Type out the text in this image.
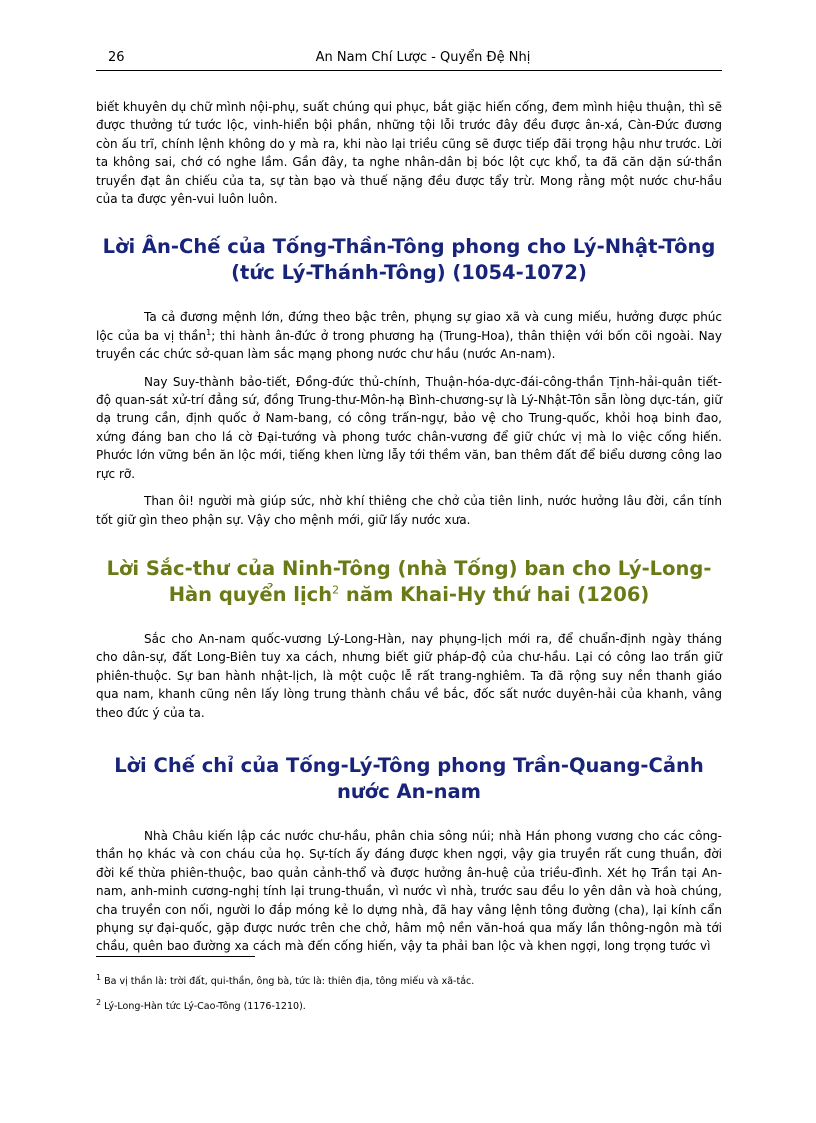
26	An Nam Chí Lược - Quyển Đệ Nhị

biết khuyên dụ chữ mình nội-phụ, suất chúng qui phục, bắt giặc hiến cống, đem mình hiệu thuận, thì sẽ được thưởng tứ tước lộc, vinh-hiển bội phần, những tội lỗi trước đây đều được ân-xá, Càn-Đức đương còn ấu trĩ, chính lệnh không do y mà ra, khi nào lại triều cũng sẽ được tiếp đãi trọng hậu như trước. Lời ta không sai, chớ có nghe lầm. Gần đây, ta nghe nhân-dân bị bóc lột cực khổ, ta đã căn dặn sứ-thần truyền đạt ân chiếu của ta, sự tàn bạo và thuế nặng đều được tẩy trừ. Mong rằng một nước chư-hầu của ta được yên-vui luôn luôn.

Lời Ân-Chế của Tống-Thần-Tông phong cho Lý-Nhật-Tông (tức Lý-Thánh-Tông) (1054-1072)

Ta cả đương mệnh lớn, đứng theo bậc trên, phụng sự giao xã và cung miếu, hưởng được phúc lộc của ba vị thần$^1$; thi hành ân-đức ở trong phương hạ (Trung-Hoa), thân thiện với bốn cõi ngoài. Nay truyền các chức sở-quan làm sắc mạng phong nước chư hầu (nước An-nam).

Nay Suy-thành bảo-tiết, Đồng-đức thủ-chính, Thuận-hóa-dực-đái-công-thần Tịnh-hải-quân tiết-độ quan-sát xử-trí đẳng sứ, đồng Trung-thư-Môn-hạ Bình-chương-sự là Lý-Nhật-Tôn sẵn lòng dực-tán, giữ dạ trung cần, định quốc ở Nam-bang, có công trấn-ngự, bảo vệ cho Trung-quốc, khỏi hoạ binh đao, xứng đáng ban cho lá cờ Đại-tướng và phong tước chân-vương để giữ chức vị mà lo việc cống hiến. Phước lớn vững bền ăn lộc mới, tiếng khen lừng lẫy tới thềm văn, ban thêm đất để biểu dương công lao rực rỡ.

Than ôi! người mà giúp sức, nhờ khí thiêng che chở của tiên linh, nước hưởng lâu đời, cần tính tốt giữ gìn theo phận sự. Vậy cho mệnh mới, giữ lấy nước xưa.

Lời Sắc-thư của Ninh-Tông (nhà Tống) ban cho Lý-Long-Hàn quyển lịch$^2$ năm Khai-Hy thứ hai (1206)

Sắc cho An-nam quốc-vương Lý-Long-Hàn, nay phụng-lịch mới ra, để chuẩn-định ngày tháng cho dân-sự, đất Long-Biên tuy xa cách, nhưng biết giữ pháp-độ của chư-hầu. Lại có công lao trấn giữ phiên-thuộc. Sự ban hành nhật-lịch, là một cuộc lễ rất trang-nghiêm. Ta đã rộng suy nền thanh giáo qua nam, khanh cũng nên lấy lòng trung thành chầu về bắc, đốc sất nước duyên-hải của khanh, vâng theo đức ý của ta.

Lời Chế chỉ của Tống-Lý-Tông phong Trần-Quang-Cảnh nước An-nam

Nhà Châu kiến lập các nước chư-hầu, phân chia sông núi; nhà Hán phong vương cho các công-thần họ khác và con cháu của họ. Sự-tích ấy đáng được khen ngợi, vậy gia truyền rất cung thuần, đời đời kế thừa phiên-thuộc, bao quản cảnh-thổ và được hưởng ân-huệ của triều-đình. Xét họ Trần tại An-nam, anh-minh cương-nghị tính lại trung-thuần, vì nước vì nhà, trước sau đều lo yên dân và hoà chúng, cha truyền con nối, người lo đắp móng kẻ lo dựng nhà, đã hay vâng lệnh tông đường (cha), lại kính cẩn phụng sự đại-quốc, gặp được nước trên che chở, hâm mộ nền văn-hoá qua mấy lần thông-ngôn mà tới chầu, quên bao đường xa cách mà đến cống hiến, vậy ta phải ban lộc và khen ngợi, long trọng tước vì

$^1$ Ba vị thần là: trời đất, qui-thần, ông bà, tức là: thiên địa, tông miếu và xã-tắc.

$^2$ Lý-Long-Hàn tức Lý-Cao-Tông (1176-1210).
